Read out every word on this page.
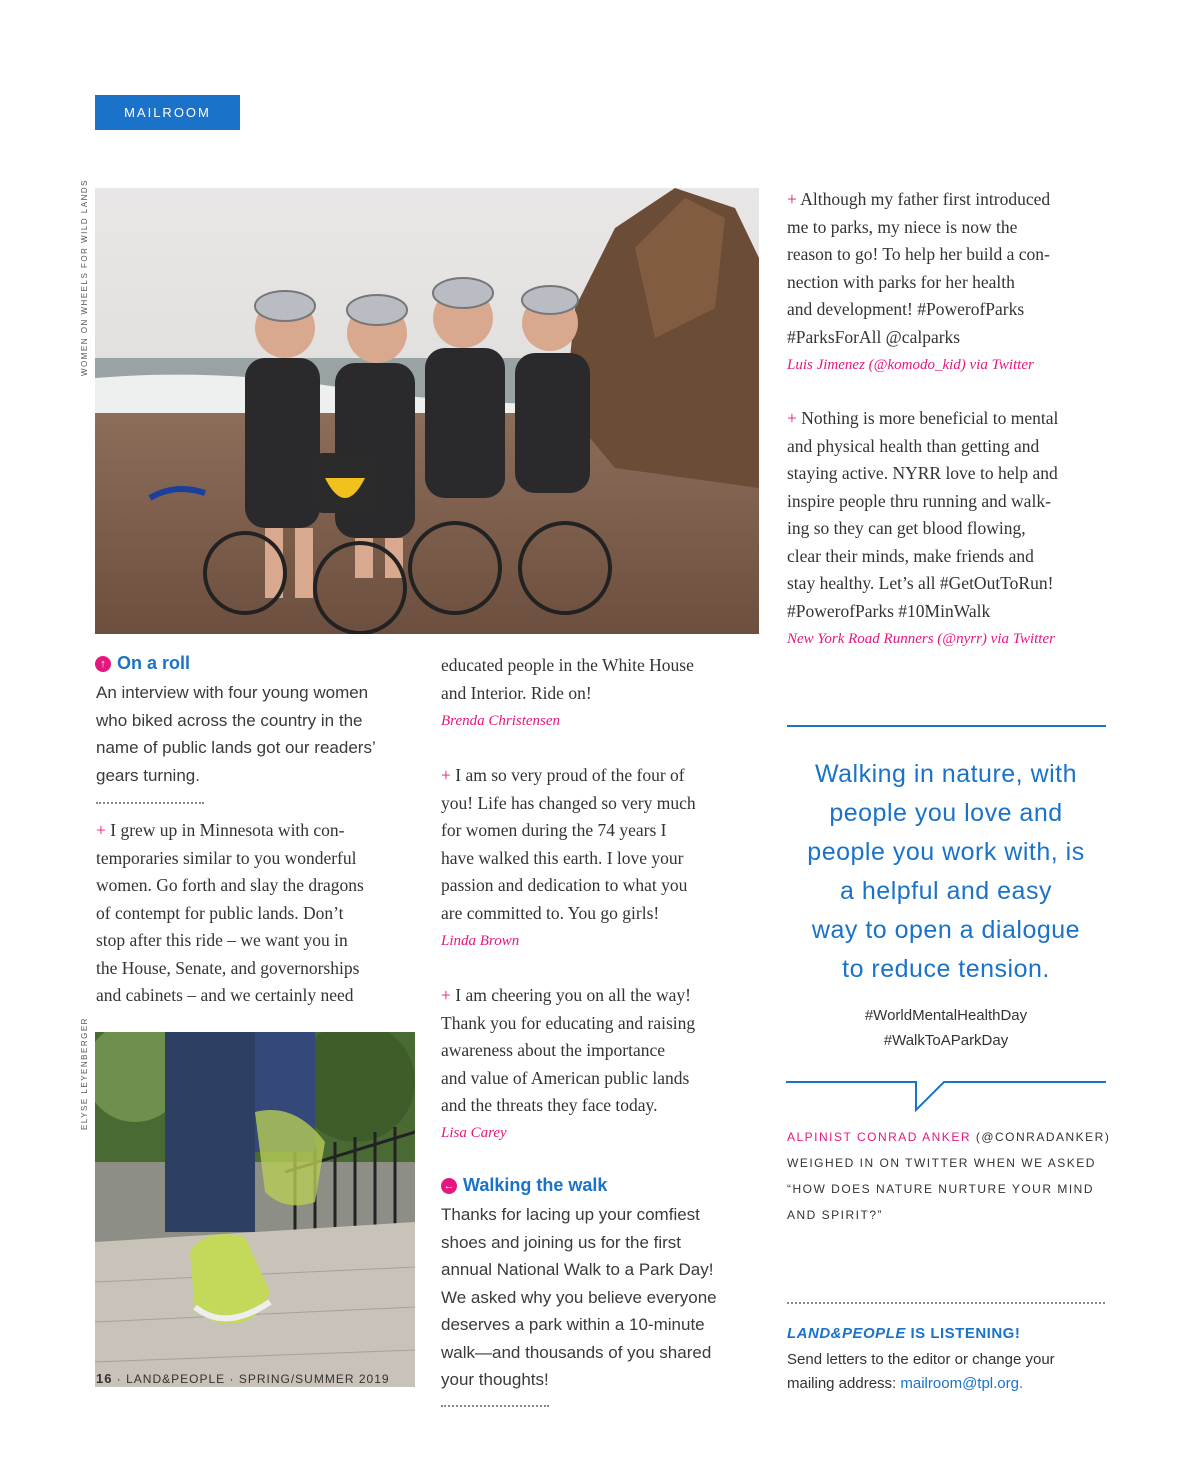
MAILROOM
WOMEN ON WHEELS FOR WILD LANDS
↑ On a roll
An interview with four young women
who biked across the country in the
name of public lands got our readers’
gears turning.
+ I grew up in Minnesota with con-
temporaries similar to you wonderful
women. Go forth and slay the dragons
of contempt for public lands. Don’t
stop after this ride – we want you in
the House, Senate, and governorships
and cabinets – and we certainly need
ELYSE LEYENBERGER
educated people in the White House
and Interior. Ride on!
Brenda Christensen
+ I am so very proud of the four of
you! Life has changed so very much
for women during the 74 years I
have walked this earth. I love your
passion and dedication to what you
are committed to. You go girls!
Linda Brown
+ I am cheering you on all the way!
Thank you for educating and raising
awareness about the importance
and value of American public lands
and the threats they face today.
Lisa Carey
← Walking the walk
Thanks for lacing up your comfiest
shoes and joining us for the first
annual National Walk to a Park Day!
We asked why you believe everyone
deserves a park within a 10-minute
walk—and thousands of you shared
your thoughts!
+ Although my father first introduced
me to parks, my niece is now the
reason to go! To help her build a con-
nection with parks for her health
and development! #PowerofParks
#ParksForAll @calparks
Luis Jimenez (@komodo_kid) via Twitter
+ Nothing is more beneficial to mental
and physical health than getting and
staying active. NYRR love to help and
inspire people thru running and walk-
ing so they can get blood flowing,
clear their minds, make friends and
stay healthy. Let’s all #GetOutToRun!
#PowerofParks #10MinWalk
New York Road Runners (@nyrr) via Twitter
Walking in nature, with
people you love and
people you work with, is
a helpful and easy
way to open a dialogue
to reduce tension.
#WorldMentalHealthDay
#WalkToAParkDay
ALPINIST CONRAD ANKER (@CONRADANKER)
WEIGHED IN ON TWITTER WHEN WE ASKED
“HOW DOES NATURE NURTURE YOUR MIND
AND SPIRIT?”
LAND&PEOPLE IS LISTENING!
Send letters to the editor or change your
mailing address: mailroom@tpl.org.
16 · LAND&PEOPLE · SPRING/SUMMER 2019
